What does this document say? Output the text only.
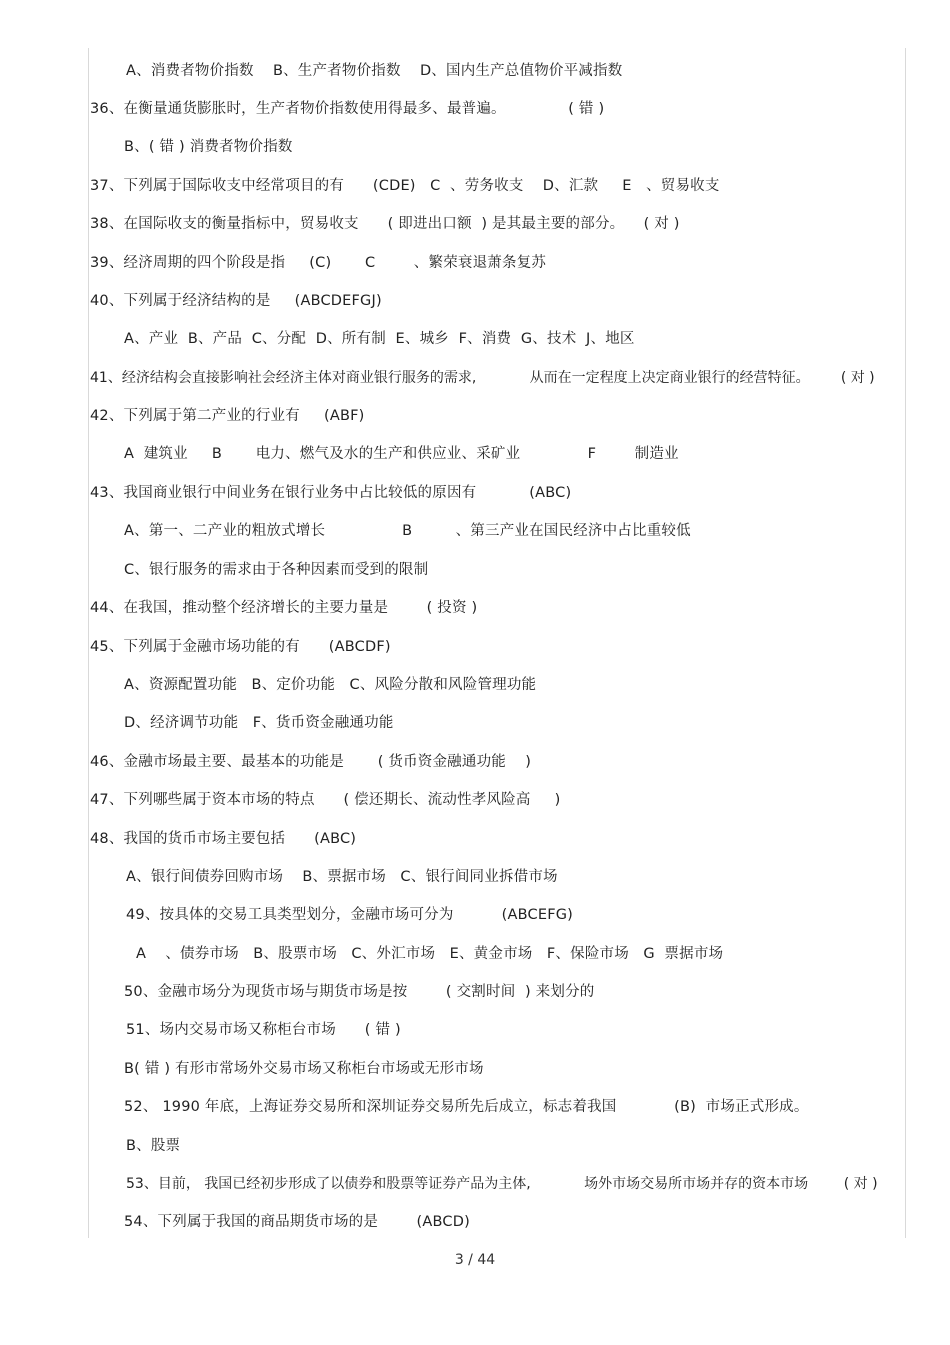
A、消费者物价指数    B、生产者物价指数    D、国内生产总值物价平减指数
36、在衡量通货膨胀时，生产者物价指数使用得最多、最普遍。             ( 错 )
B、( 错 ) 消费者物价指数
37、下列属于国际收支中经常项目的有      (CDE)   C  、劳务收支    D、汇款     E   、贸易收支
38、在国际收支的衡量指标中，贸易收支      ( 即进出口额  ) 是其最主要的部分。    ( 对 )
39、经济周期的四个阶段是指     (C)       C        、繁荣衰退萧条复苏
40、下列属于经济结构的是     (ABCDEFGJ)
A、产业  B、产品  C、分配  D、所有制  E、城乡  F、消费  G、技术  J、地区
41、经济结构会直接影响社会经济主体对商业银行服务的需求,            从而在一定程度上决定商业银行的经营特征。       ( 对 )
42、下列属于第二产业的行业有     (ABF)
A  建筑业     B       电力、燃气及水的生产和供应业、采矿业              F        制造业
43、我国商业银行中间业务在银行业务中占比较低的原因有           (ABC)
A、第一、二产业的粗放式增长                B         、第三产业在国民经济中占比重较低
C、银行服务的需求由于各种因素而受到的限制
44、在我国，推动整个经济增长的主要力量是        ( 投资 )
45、下列属于金融市场功能的有      (ABCDF)
A、资源配置功能   B、定价功能   C、风险分散和风险管理功能
D、经济调节功能   F、货币资金融通功能
46、金融市场最主要、最基本的功能是       ( 货币资金融通功能    )
47、下列哪些属于资本市场的特点      ( 偿还期长、流动性孝风险高     )
48、我国的货币市场主要包括      (ABC)
A、银行间债券回购市场    B、票据市场   C、银行间同业拆借市场
49、按具体的交易工具类型划分，金融市场可分为          (ABCEFG)
A    、债券市场   B、股票市场   C、外汇市场   E、黄金市场   F、保险市场   G  票据市场
50、金融市场分为现货市场与期货市场是按        ( 交割时间  ) 来划分的
51、场内交易市场又称柜台市场      ( 错 )
B( 错 ) 有形市常场外交易市场又称柜台市场或无形市场
52、 1990 年底，上海证券交易所和深圳证券交易所先后成立，标志着我国            (B)  市场正式形成。
B、股票
53、目前， 我国已经初步形成了以债券和股票等证券产品为主体,            场外市场交易所市场并存的资本市场        ( 对 )
54、下列属于我国的商品期货市场的是        (ABCD)
3 / 44
